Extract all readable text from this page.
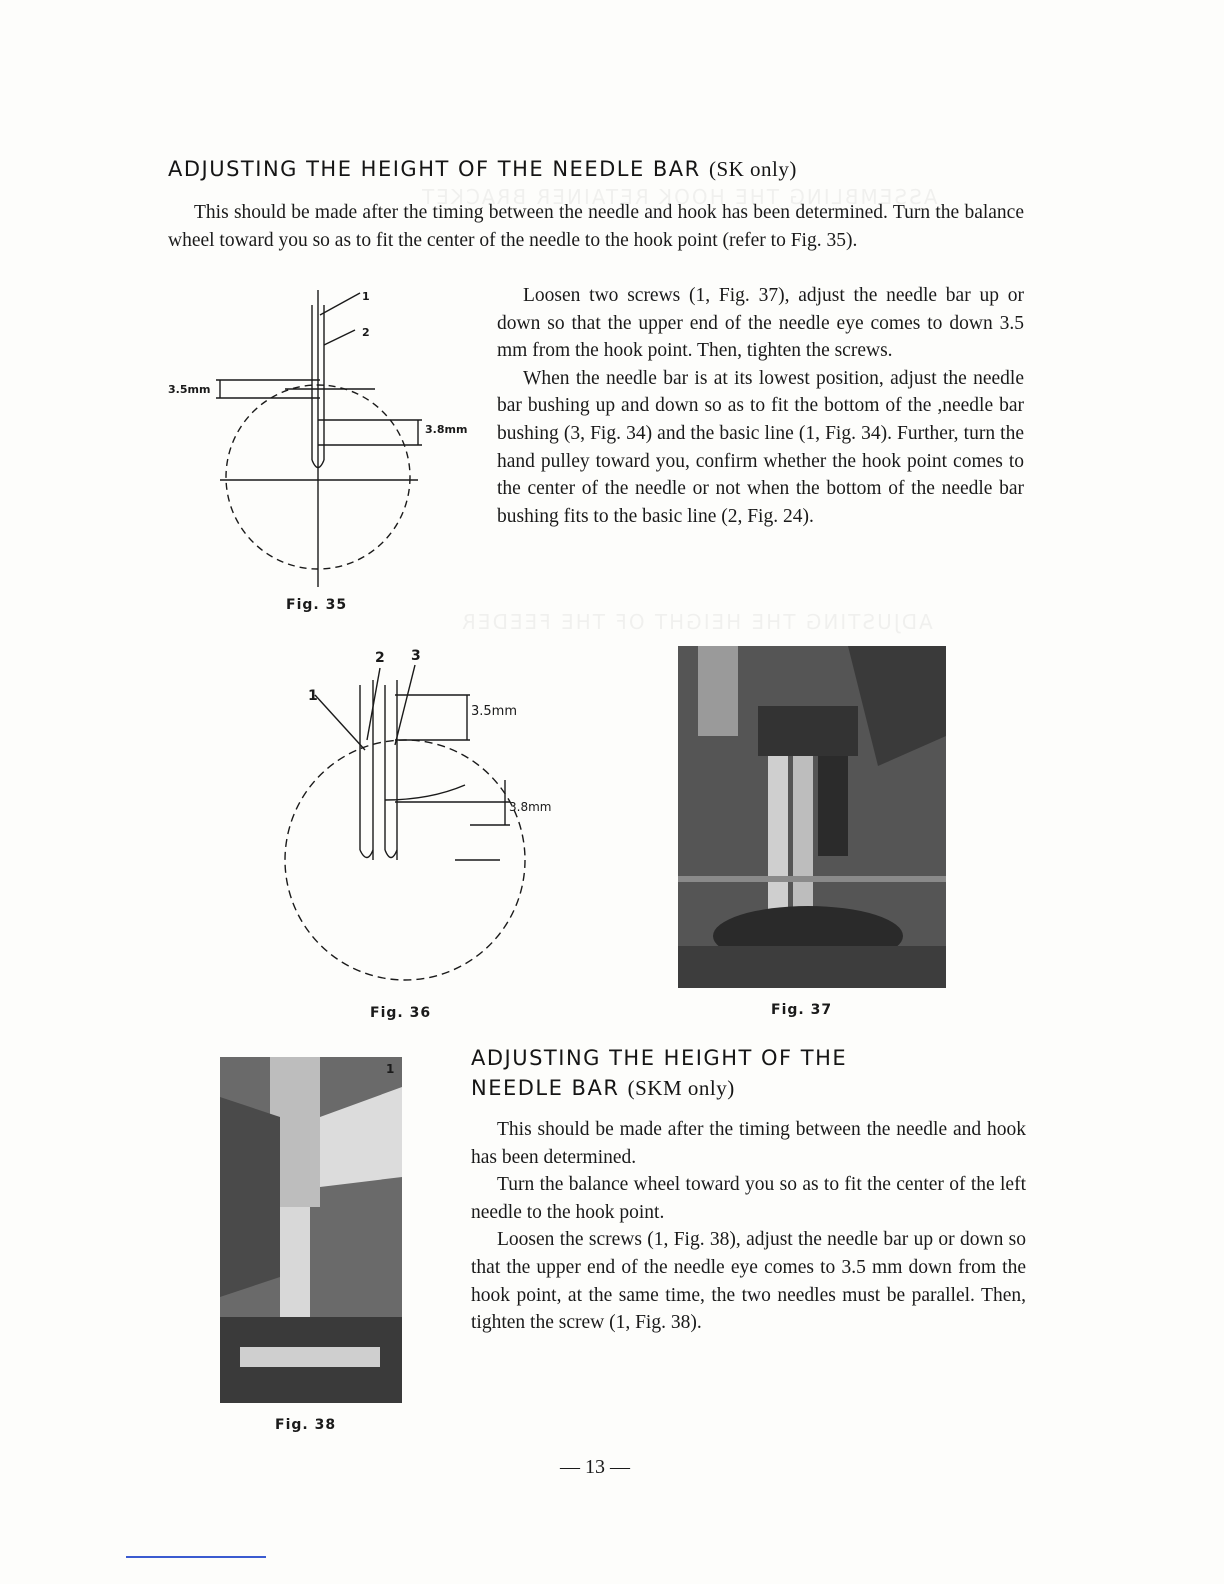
ASSEMBLING THE HOOK RETAINER BRACKET
ADJUSTING THE HEIGHT OF THE FEEDER
ADJUSTING THE HEIGHT OF THE NEEDLE BAR (SK only)

This should be made after the timing between the needle and hook has been determined. Turn the balance wheel toward you so as to fit the center of the needle to the hook point (refer to Fig. 35).

Loosen two screws (1, Fig. 37), adjust the needle bar up or down so that the upper end of the needle eye comes to down 3.5 mm from the hook point. Then, tighten the screws.

When the needle bar is at its lowest position, adjust the needle bar bushing up and down so as to fit the bottom of the ,needle bar bushing (3, Fig. 34) and the basic line (1, Fig. 34). Further, turn the hand pulley toward you, confirm whether the hook point comes to the center of the needle or not when the bottom of the needle bar bushing fits to the basic line (2, Fig. 24).

1
2
3.5mm
3.8mm
Fig. 35
1
2 3
3.5mm
3.8mm
Fig. 36	Fig. 37
ADJUSTING THE HEIGHT OF THE
NEEDLE BAR (SKM only)

This should be made after the timing between the needle and hook has been determined.

Turn the balance wheel toward you so as to fit the center of the left needle to the hook point.

Loosen the screws (1, Fig. 38), adjust the needle bar up or down so that the upper end of the needle eye comes to 3.5 mm down from the hook point, at the same time, the two needles must be parallel. Then, tighten the screw (1, Fig. 38).

1
Fig. 38
— 13 —
